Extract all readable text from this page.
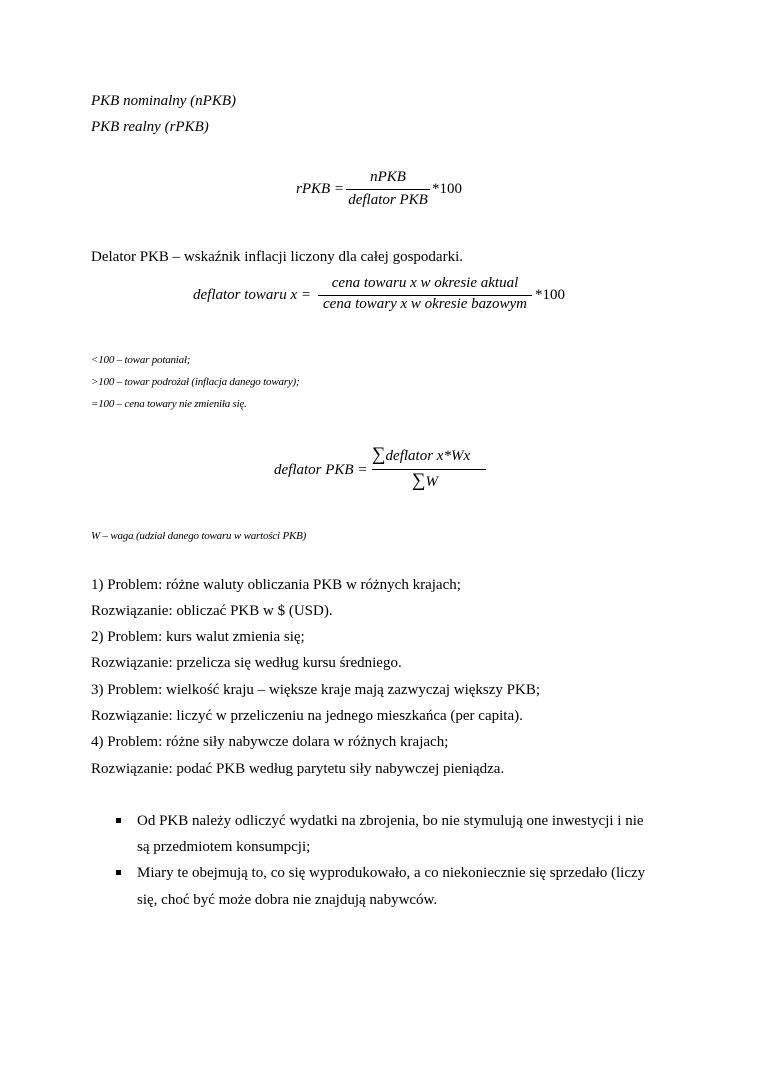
PKB nominalny (nPKB)
PKB realny (rPKB)
rPKB =
nPKB
deflator PKB
*100
Delator PKB – wskaźnik inflacji liczony dla całej gospodarki.
deflator towaru x =
cena towaru x w okresie aktual
cena towary x w okresie bazowym
*100
<100 – towar potaniał;
>100 – towar podrożał (inflacja danego towary);
=100 – cena towary nie zmieniła się.
deflator PKB =
∑deflator x*Wx
∑W
W – waga (udział danego towaru w wartości PKB)
1) Problem: różne waluty obliczania PKB w różnych krajach;
Rozwiązanie: obliczać PKB w $ (USD).
2) Problem: kurs walut zmienia się;
Rozwiązanie: przelicza się według kursu średniego.
3) Problem: wielkość kraju – większe kraje mają zazwyczaj większy PKB;
Rozwiązanie: liczyć w przeliczeniu na jednego mieszkańca (per capita).
4) Problem: różne siły nabywcze dolara w różnych krajach;
Rozwiązanie: podać PKB według parytetu siły nabywczej pieniądza.
Od PKB należy odliczyć wydatki na zbrojenia, bo nie stymulują one inwestycji i nie
są przedmiotem konsumpcji;
Miary te obejmują to, co się wyprodukowało, a co niekoniecznie się sprzedało (liczy
się, choć być może dobra nie znajdują nabywców.
